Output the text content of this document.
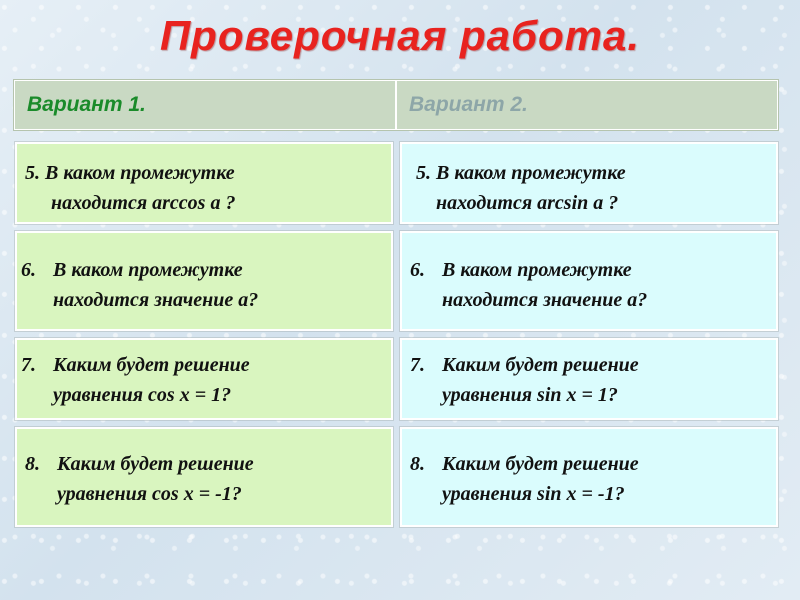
Проверочная работа.
Вариант 1.	Вариант 2.
5. В каком промежутке
находится arccos a ?
6. В каком промежутке
находится значение а?
7. Каким будет решение
уравнения cos x = 1?
8. Каким будет решение
уравнения cos x = -1?
5. В каком промежутке
находится arcsin a ?
6. В каком промежутке
находится значение а?
7. Каким будет решение
уравнения sin x = 1?
8. Каким будет решение
уравнения sin x = -1?
